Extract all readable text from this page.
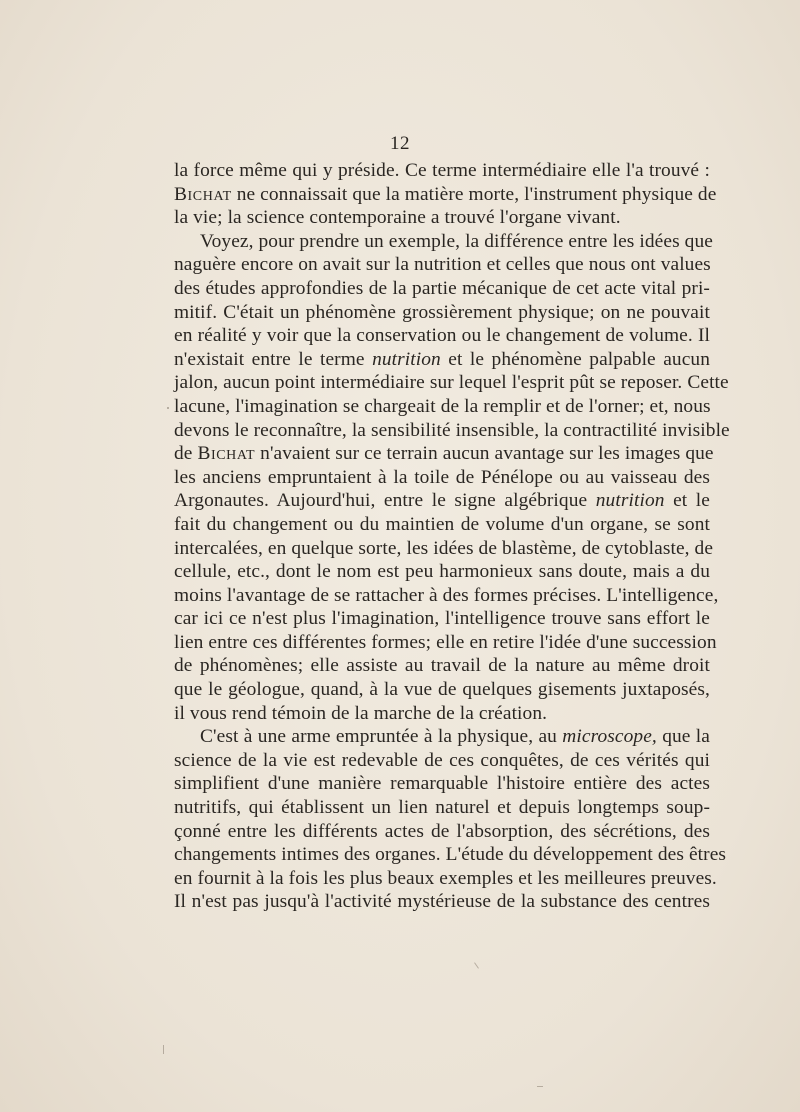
12
la force même qui y préside. Ce terme intermédiaire elle l'a trouvé :
Bichat ne connaissait que la matière morte, l'instrument physique de
la vie; la science contemporaine a trouvé l'organe vivant.
Voyez, pour prendre un exemple, la différence entre les idées que
naguère encore on avait sur la nutrition et celles que nous ont values
des études approfondies de la partie mécanique de cet acte vital pri-
mitif. C'était un phénomène grossièrement physique; on ne pouvait
en réalité y voir que la conservation ou le changement de volume. Il
n'existait entre le terme nutrition et le phénomène palpable aucun
jalon, aucun point intermédiaire sur lequel l'esprit pût se reposer. Cette
lacune, l'imagination se chargeait de la remplir et de l'orner; et, nous
devons le reconnaître, la sensibilité insensible, la contractilité invisible
de Bichat n'avaient sur ce terrain aucun avantage sur les images que
les anciens empruntaient à la toile de Pénélope ou au vaisseau des
Argonautes. Aujourd'hui, entre le signe algébrique nutrition et le
fait du changement ou du maintien de volume d'un organe, se sont
intercalées, en quelque sorte, les idées de blastème, de cytoblaste, de
cellule, etc., dont le nom est peu harmonieux sans doute, mais a du
moins l'avantage de se rattacher à des formes précises. L'intelligence,
car ici ce n'est plus l'imagination, l'intelligence trouve sans effort le
lien entre ces différentes formes; elle en retire l'idée d'une succession
de phénomènes; elle assiste au travail de la nature au même droit
que le géologue, quand, à la vue de quelques gisements juxtaposés,
il vous rend témoin de la marche de la création.
C'est à une arme empruntée à la physique, au microscope, que la
science de la vie est redevable de ces conquêtes, de ces vérités qui
simplifient d'une manière remarquable l'histoire entière des actes
nutritifs, qui établissent un lien naturel et depuis longtemps soup-
çonné entre les différents actes de l'absorption, des sécrétions, des
changements intimes des organes. L'étude du développement des êtres
en fournit à la fois les plus beaux exemples et les meilleures preuves.
Il n'est pas jusqu'à l'activité mystérieuse de la substance des centres
